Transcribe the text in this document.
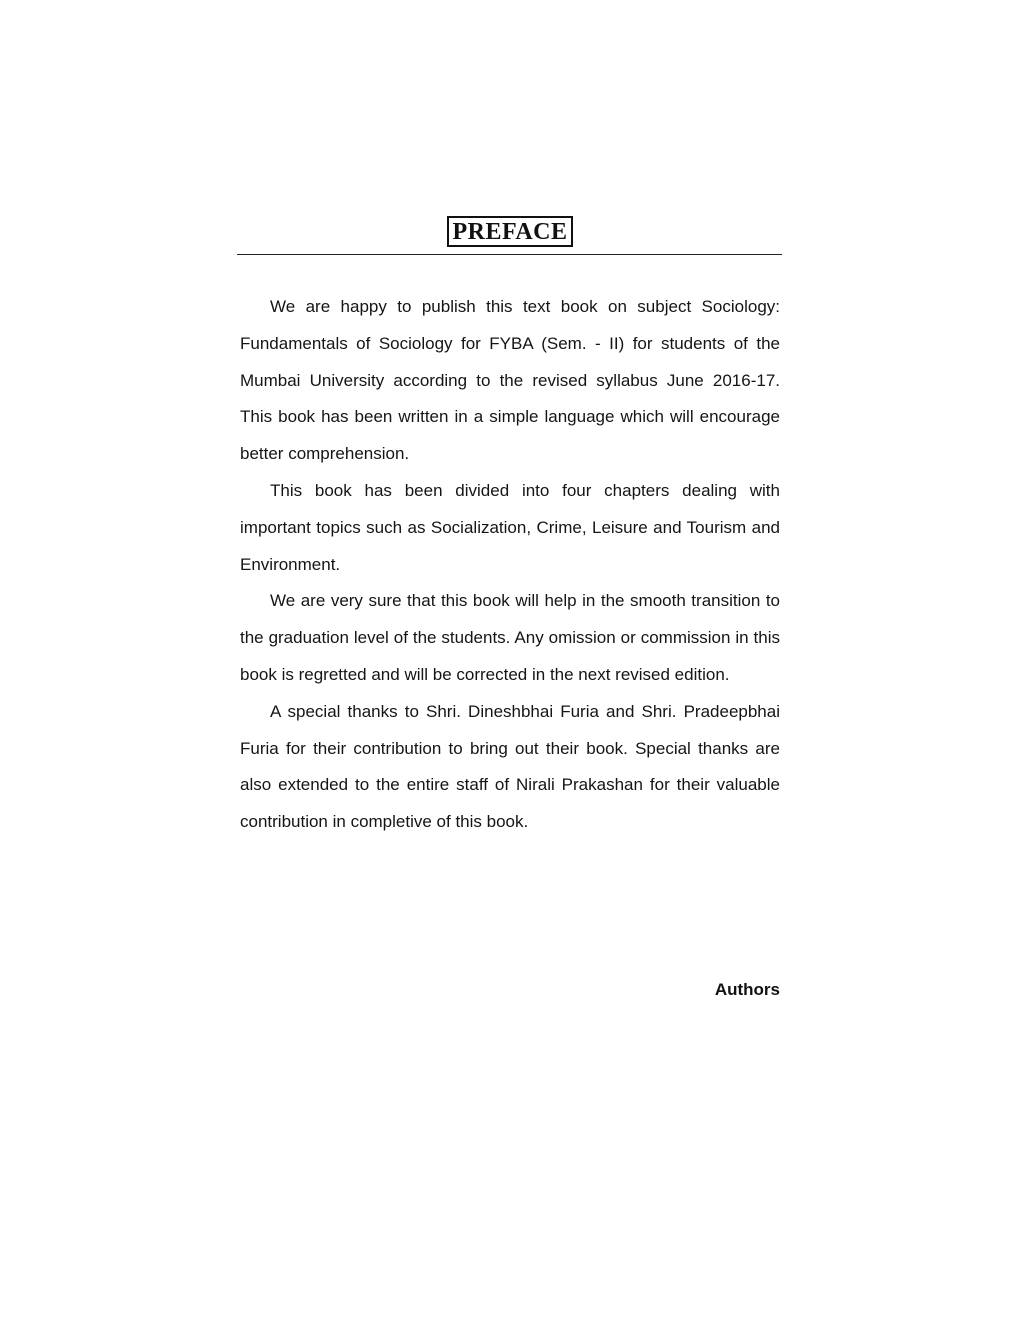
PREFACE

We are happy to publish this text book on subject Sociology: Fundamentals of Sociology for FYBA (Sem. - II) for students of the Mumbai University according to the revised syllabus June 2016-17. This book has been written in a simple language which will encourage better comprehension.

This book has been divided into four chapters dealing with important topics such as Socialization, Crime, Leisure and Tourism and Environment.

We are very sure that this book will help in the smooth transition to the graduation level of the students. Any omission or commission in this book is regretted and will be corrected in the next revised edition.

A special thanks to Shri. Dineshbhai Furia and Shri. Pradeepbhai Furia for their contribution to bring out their book. Special thanks are also extended to the entire staff of Nirali Prakashan for their valuable contribution in completive of this book.

Authors
